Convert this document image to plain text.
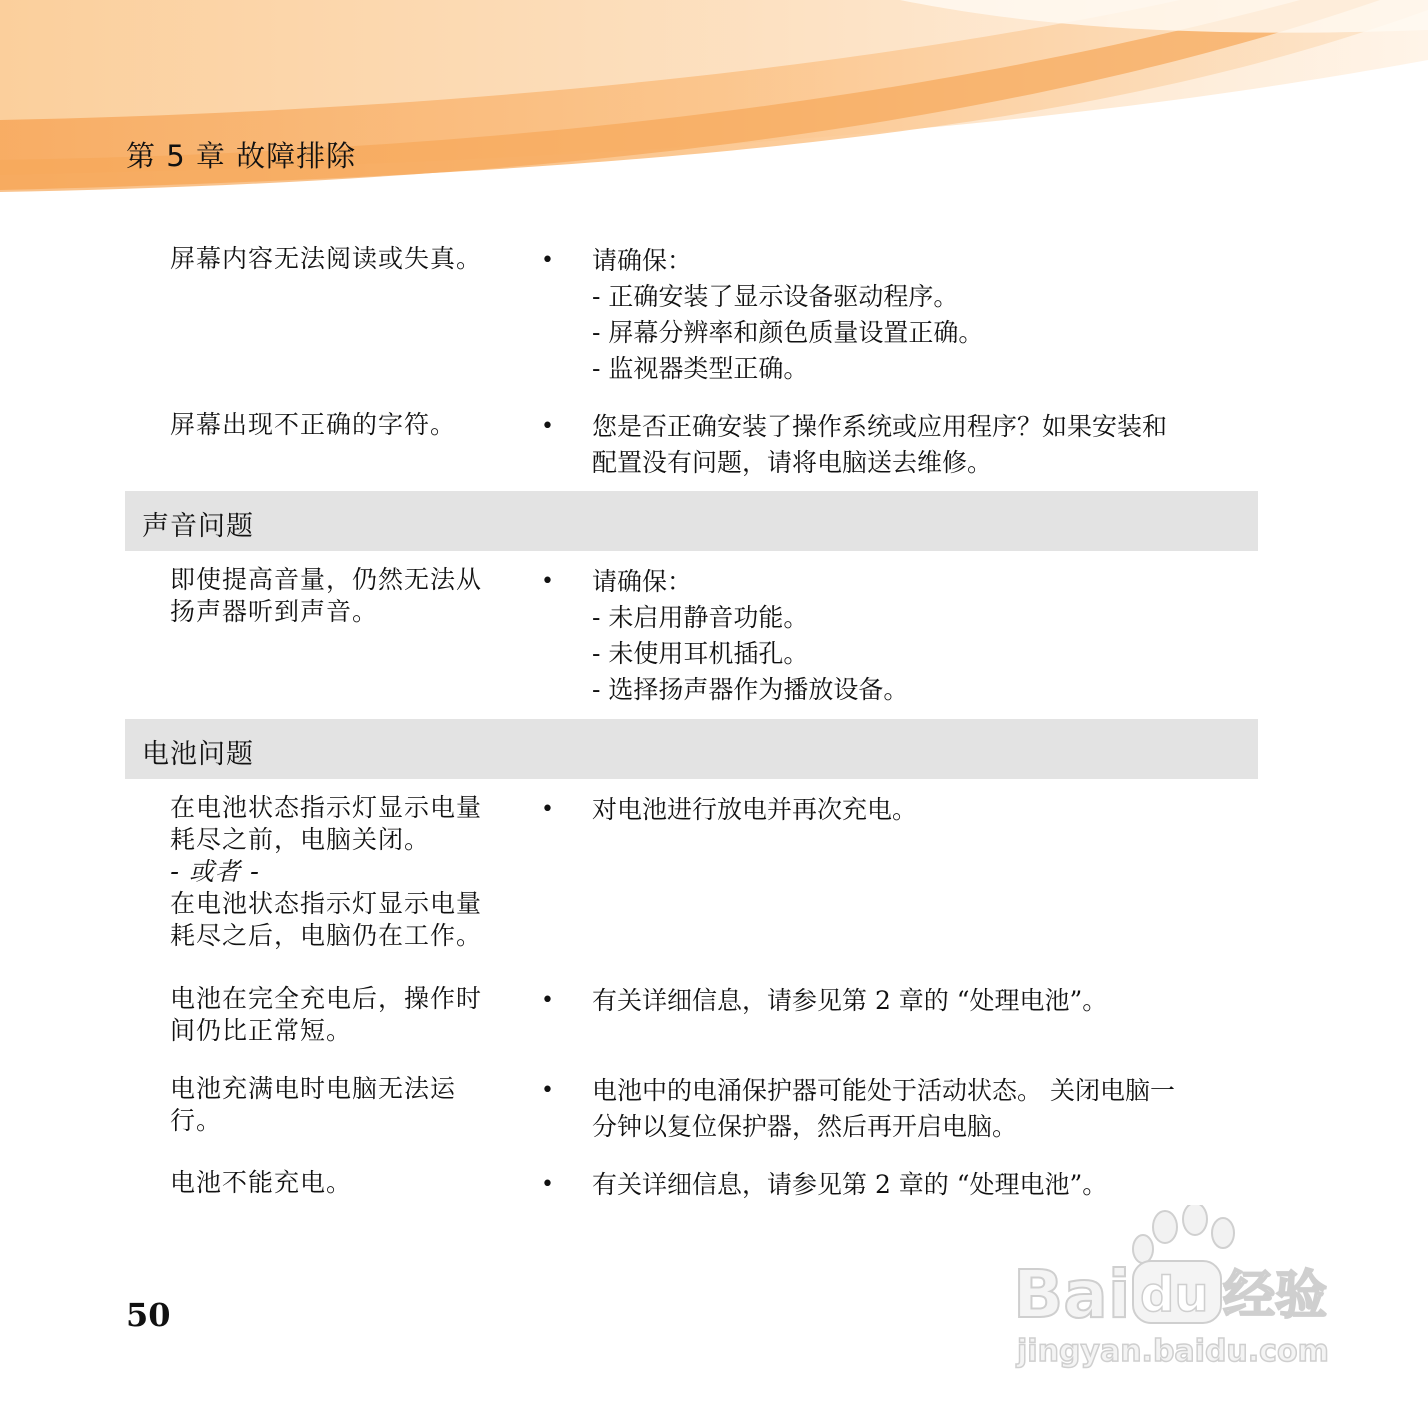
第 5 章 故障排除
屏幕内容无法阅读或失真。	• 请确保：
- 正确安装了显示设备驱动程序。
- 屏幕分辨率和颜色质量设置正确。
- 监视器类型正确。
屏幕出现不正确的字符。	• 您是否正确安装了操作系统或应用程序？如果安装和
配置没有问题，请将电脑送去维修。
声音问题
即使提高音量，仍然无法从
扬声器听到声音。
• 请确保：
- 未启用静音功能。
- 未使用耳机插孔。
- 选择扬声器作为播放设备。
电池问题
在电池状态指示灯显示电量
耗尽之前，电脑关闭。
- 或者 -
在电池状态指示灯显示电量
耗尽之后，电脑仍在工作。
• 对电池进行放电并再次充电。
电池在完全充电后，操作时
间仍比正常短。
• 有关详细信息，请参见第 2 章的 “处理电池”。
电池充满电时电脑无法运
行。
• 电池中的电涌保护器可能处于活动状态。 关闭电脑一
分钟以复位保护器，然后再开启电脑。
电池不能充电。	• 有关详细信息，请参见第 2 章的 “处理电池”。
50	Bai du 经验
jingyan.baidu.com
